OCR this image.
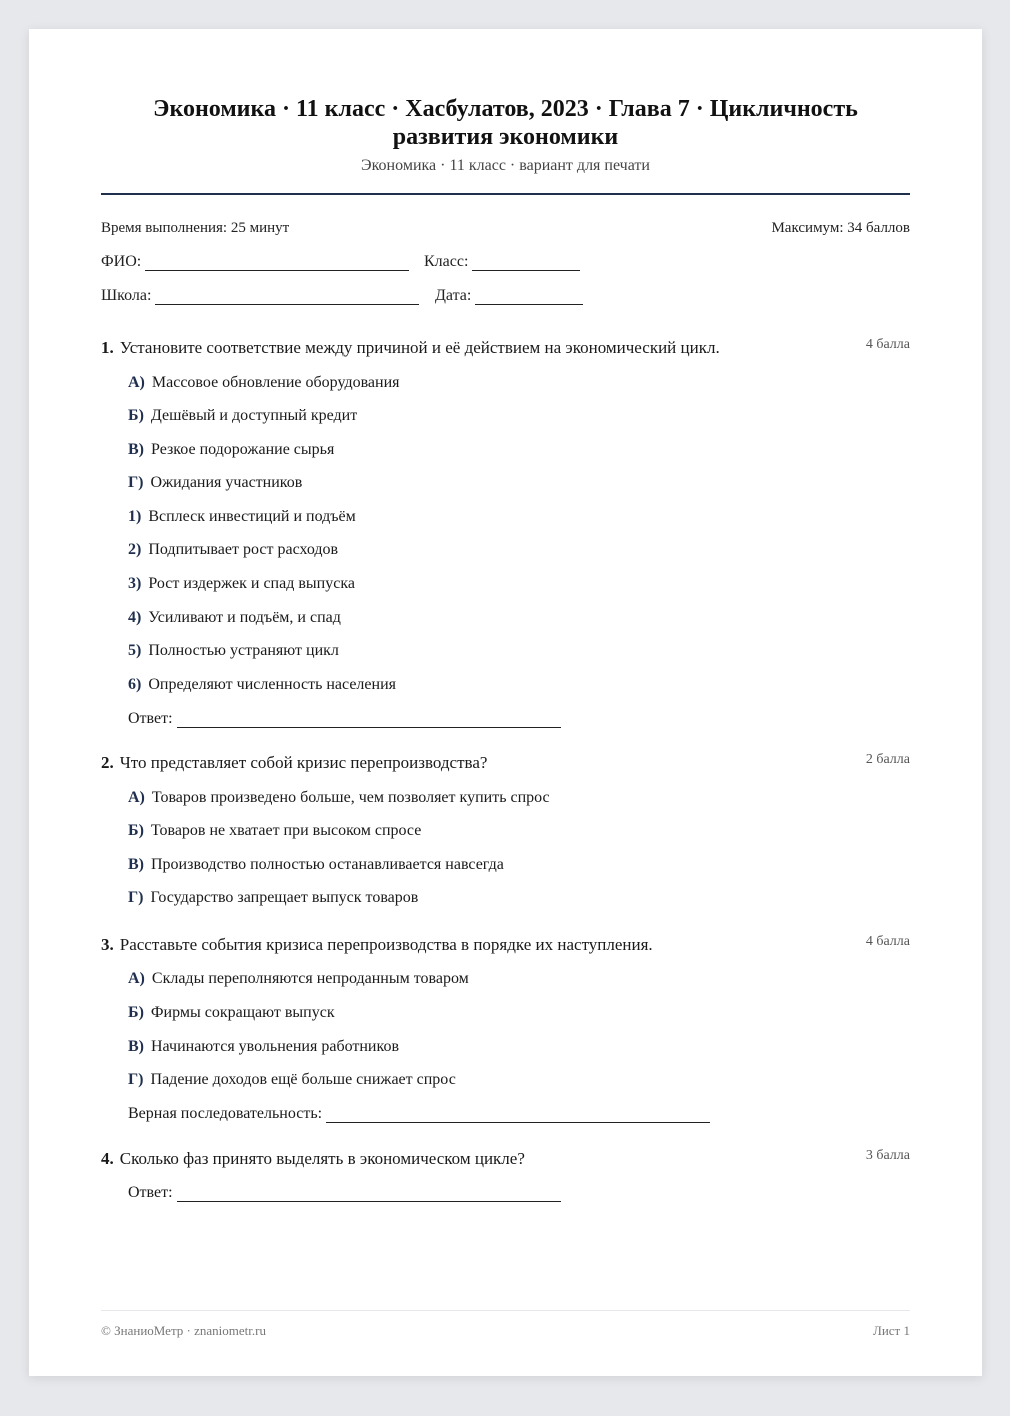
Экономика · 11 класс · Хасбулатов, 2023 · Глава 7 · Цикличность развития экономики
Экономика · 11 класс · вариант для печати
Время выполнения: 25 минут	Максимум: 34 баллов
ФИО:	Класс:
Школа:	Дата:
1. Установите соответствие между причиной и её действием на экономический цикл.	4 балла
А) Массовое обновление оборудования
Б) Дешёвый и доступный кредит
В) Резкое подорожание сырья
Г) Ожидания участников
1) Всплеск инвестиций и подъём
2) Подпитывает рост расходов
3) Рост издержек и спад выпуска
4) Усиливают и подъём, и спад
5) Полностью устраняют цикл
6) Определяют численность населения
Ответ:
2. Что представляет собой кризис перепроизводства?	2 балла
А) Товаров произведено больше, чем позволяет купить спрос
Б) Товаров не хватает при высоком спросе
В) Производство полностью останавливается навсегда
Г) Государство запрещает выпуск товаров
3. Расставьте события кризиса перепроизводства в порядке их наступления.	4 балла
А) Склады переполняются непроданным товаром
Б) Фирмы сокращают выпуск
В) Начинаются увольнения работников
Г) Падение доходов ещё больше снижает спрос
Верная последовательность:
4. Сколько фаз принято выделять в экономическом цикле?	3 балла
Ответ:
© ЗнаниоМетр · znaniometr.ru	Лист 1
